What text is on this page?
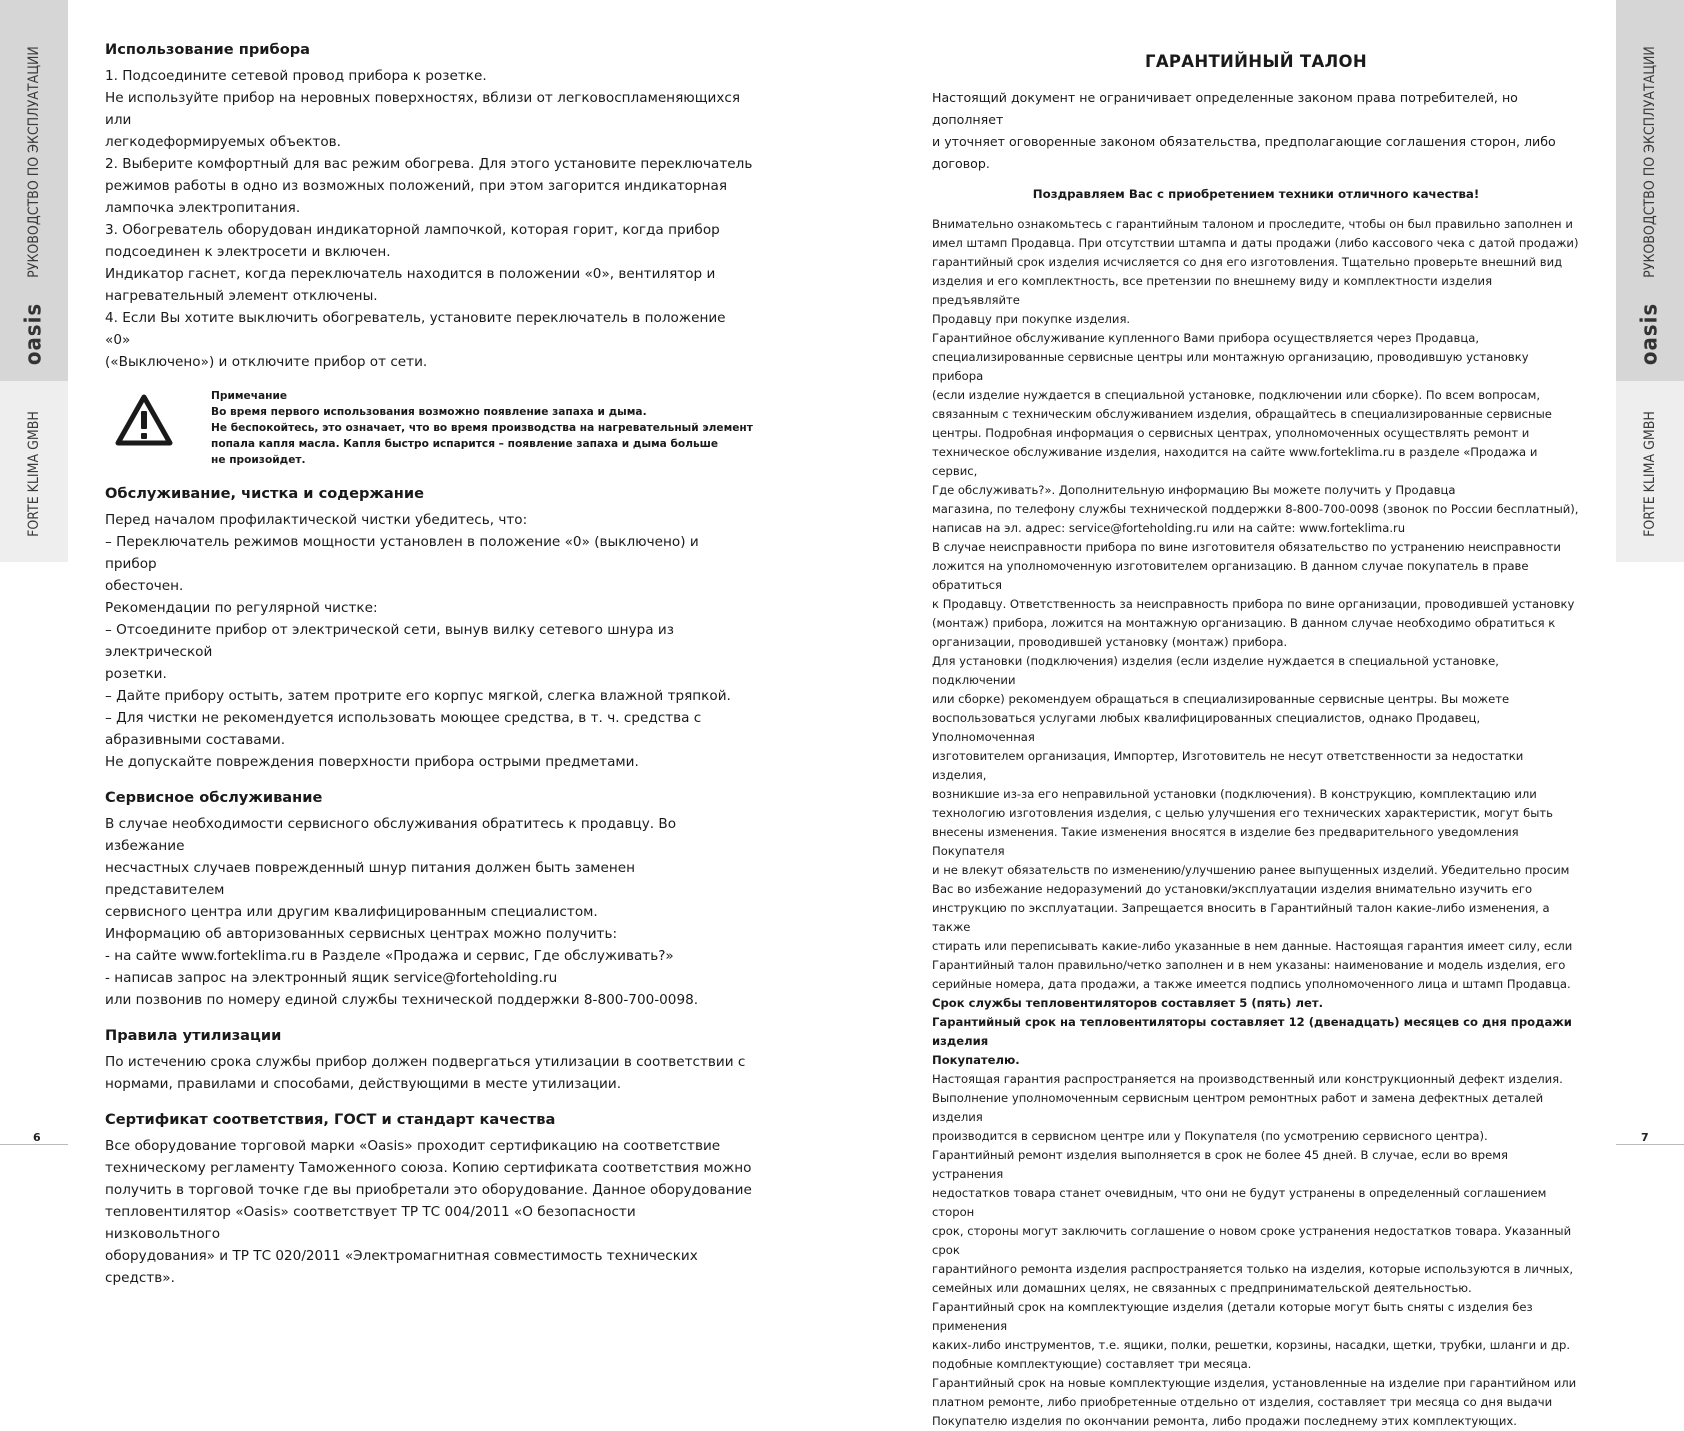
РУКОВОДСТВО ПО ЭКСПЛУАТАЦИИ
oasis
FORTE KLIMA GMBH
РУКОВОДСТВО ПО ЭКСПЛУАТАЦИИ
oasis
FORTE KLIMA GMBH
6	7
Использование прибора

1. Подсоедините сетевой провод прибора к розетке.

Не используйте прибор на неровных поверхностях, вблизи от легковоспламеняющихся или

легкодеформируемых объектов.

2. Выберите комфортный для вас режим обогрева. Для этого установите переключатель

режимов работы в одно из возможных положений, при этом загорится индикаторная

лампочка электропитания.

3. Обогреватель оборудован индикаторной лампочкой, которая горит, когда прибор

подсоединен к электросети и включен.

Индикатор гаснет, когда переключатель находится в положении «0», вентилятор и

нагревательный элемент отключены.

4. Если Вы хотите выключить обогреватель, установите переключатель в положение «0»

(«Выключено») и отключите прибор от сети.

Примечание
Во время первого использования возможно появление запаха и дыма.
Не беспокойтесь, это означает, что во время производства на нагревательный элемент
попала капля масла. Капля быстро испарится – появление запаха и дыма больше
не произойдет.
Обслуживание, чистка и содержание

Перед началом профилактической чистки убедитесь, что:

– Переключатель режимов мощности установлен в положение «0» (выключено) и прибор

обесточен.

Рекомендации по регулярной чистке:

– Отсоедините прибор от электрической сети, вынув вилку сетевого шнура из электрической

розетки.

– Дайте прибору остыть, затем протрите его корпус мягкой, слегка влажной тряпкой.

– Для чистки не рекомендуется использовать моющее средства, в т. ч. средства с

абразивными составами.

Не допускайте повреждения поверхности прибора острыми предметами.

Сервисное обслуживание

В случае необходимости сервисного обслуживания обратитесь к продавцу. Во избежание

несчастных случаев поврежденный шнур питания должен быть заменен представителем

сервисного центра или другим квалифицированным специалистом.

Информацию об авторизованных сервисных центрах можно получить:

- на сайте www.forteklima.ru в Разделе «Продажа и сервис, Где обслуживать?»

- написав запрос на электронный ящик service@forteholding.ru

или позвонив по номеру единой службы технической поддержки 8-800-700-0098.

Правила утилизации

По истечению срока службы прибор должен подвергаться утилизации в соответствии с

нормами, правилами и способами, действующими в месте утилизации.

Сертификат соответствия, ГОСТ и стандарт качества

Все оборудование торговой марки «Oasis» проходит сертификацию на соответствие

техническому регламенту Таможенного союза. Копию сертификата соответствия можно

получить в торговой точке где вы приобретали это оборудование. Данное оборудование

тепловентилятор «Oasis» соответствует ТР ТС 004/2011 «О безопасности низковольтного

оборудования» и ТР ТС 020/2011 «Электромагнитная совместимость технических средств».

ГАРАНТИЙНЫЙ ТАЛОН
Настоящий документ не ограничивает определенные законом права потребителей, но дополняет
и уточняет оговоренные законом обязательства, предполагающие соглашения сторон, либо
договор.
Поздравляем Вас с приобретением техники отличного качества!

Внимательно ознакомьтесь с гарантийным талоном и проследите, чтобы он был правильно заполнен и

имел штамп Продавца. При отсутствии штампа и даты продажи (либо кассового чека с датой продажи)

гарантийный срок изделия исчисляется со дня его изготовления. Тщательно проверьте внешний вид

изделия и его комплектность, все претензии по внешнему виду и комплектности изделия предъявляйте

Продавцу при покупке изделия.

Гарантийное обслуживание купленного Вами прибора осуществляется через Продавца,

специализированные сервисные центры или монтажную организацию, проводившую установку прибора

(если изделие нуждается в специальной установке, подключении или сборке). По всем вопросам,

связанным с техническим обслуживанием изделия, обращайтесь в специализированные сервисные

центры. Подробная информация о сервисных центрах, уполномоченных осуществлять ремонт и

техническое обслуживание изделия, находится на сайте www.forteklima.ru в разделе «Продажа и сервис,

Где обслуживать?». Дополнительную информацию Вы можете получить у Продавца

магазина, по телефону службы технической поддержки 8-800-700-0098 (звонок по России бесплатный),

написав на эл. адрес: service@forteholding.ru или на сайте: www.forteklima.ru

В случае неисправности прибора по вине изготовителя обязательство по устранению неисправности

ложится на уполномоченную изготовителем организацию. В данном случае покупатель в праве обратиться

к Продавцу. Ответственность за неисправность прибора по вине организации, проводившей установку

(монтаж) прибора, ложится на монтажную организацию. В данном случае необходимо обратиться к

организации, проводившей установку (монтаж) прибора.

Для установки (подключения) изделия (если изделие нуждается в специальной установке, подключении

или сборке) рекомендуем обращаться в специализированные сервисные центры. Вы можете

воспользоваться услугами любых квалифицированных специалистов, однако Продавец, Уполномоченная

изготовителем организация, Импортер, Изготовитель не несут ответственности за недостатки изделия,

возникшие из-за его неправильной установки (подключения). В конструкцию, комплектацию или

технологию изготовления изделия, с целью улучшения его технических характеристик, могут быть

внесены изменения. Такие изменения вносятся в изделие без предварительного уведомления Покупателя

и не влекут обязательств по изменению/улучшению ранее выпущенных изделий. Убедительно просим

Вас во избежание недоразумений до установки/эксплуатации изделия внимательно изучить его

инструкцию по эксплуатации. Запрещается вносить в Гарантийный талон какие-либо изменения, а также

стирать или переписывать какие-либо указанные в нем данные. Настоящая гарантия имеет силу, если

Гарантийный талон правильно/четко заполнен и в нем указаны: наименование и модель изделия, его

серийные номера, дата продажи, а также имеется подпись уполномоченного лица и штамп Продавца.

Срок службы тепловентиляторов составляет 5 (пять) лет.

Гарантийный срок на тепловентиляторы составляет 12 (двенадцать) месяцев со дня продажи изделия

Покупателю.

Настоящая гарантия распространяется на производственный или конструкционный дефект изделия.

Выполнение уполномоченным сервисным центром ремонтных работ и замена дефектных деталей изделия

производится в сервисном центре или у Покупателя (по усмотрению сервисного центра).

Гарантийный ремонт изделия выполняется в срок не более 45 дней. В случае, если во время устранения

недостатков товара станет очевидным, что они не будут устранены в определенный соглашением сторон

срок, стороны могут заключить соглашение о новом сроке устранения недостатков товара. Указанный срок

гарантийного ремонта изделия распространяется только на изделия, которые используются в личных,

семейных или домашних целях, не связанных с предпринимательской деятельностью.

Гарантийный срок на комплектующие изделия (детали которые могут быть сняты с изделия без применения

каких-либо инструментов, т.е. ящики, полки, решетки, корзины, насадки, щетки, трубки, шланги и др.

подобные комплектующие) составляет три месяца.

Гарантийный срок на новые комплектующие изделия, установленные на изделие при гарантийном или

платном ремонте, либо приобретенные отдельно от изделия, составляет три месяца со дня выдачи

Покупателю изделия по окончании ремонта, либо продажи последнему этих комплектующих.
